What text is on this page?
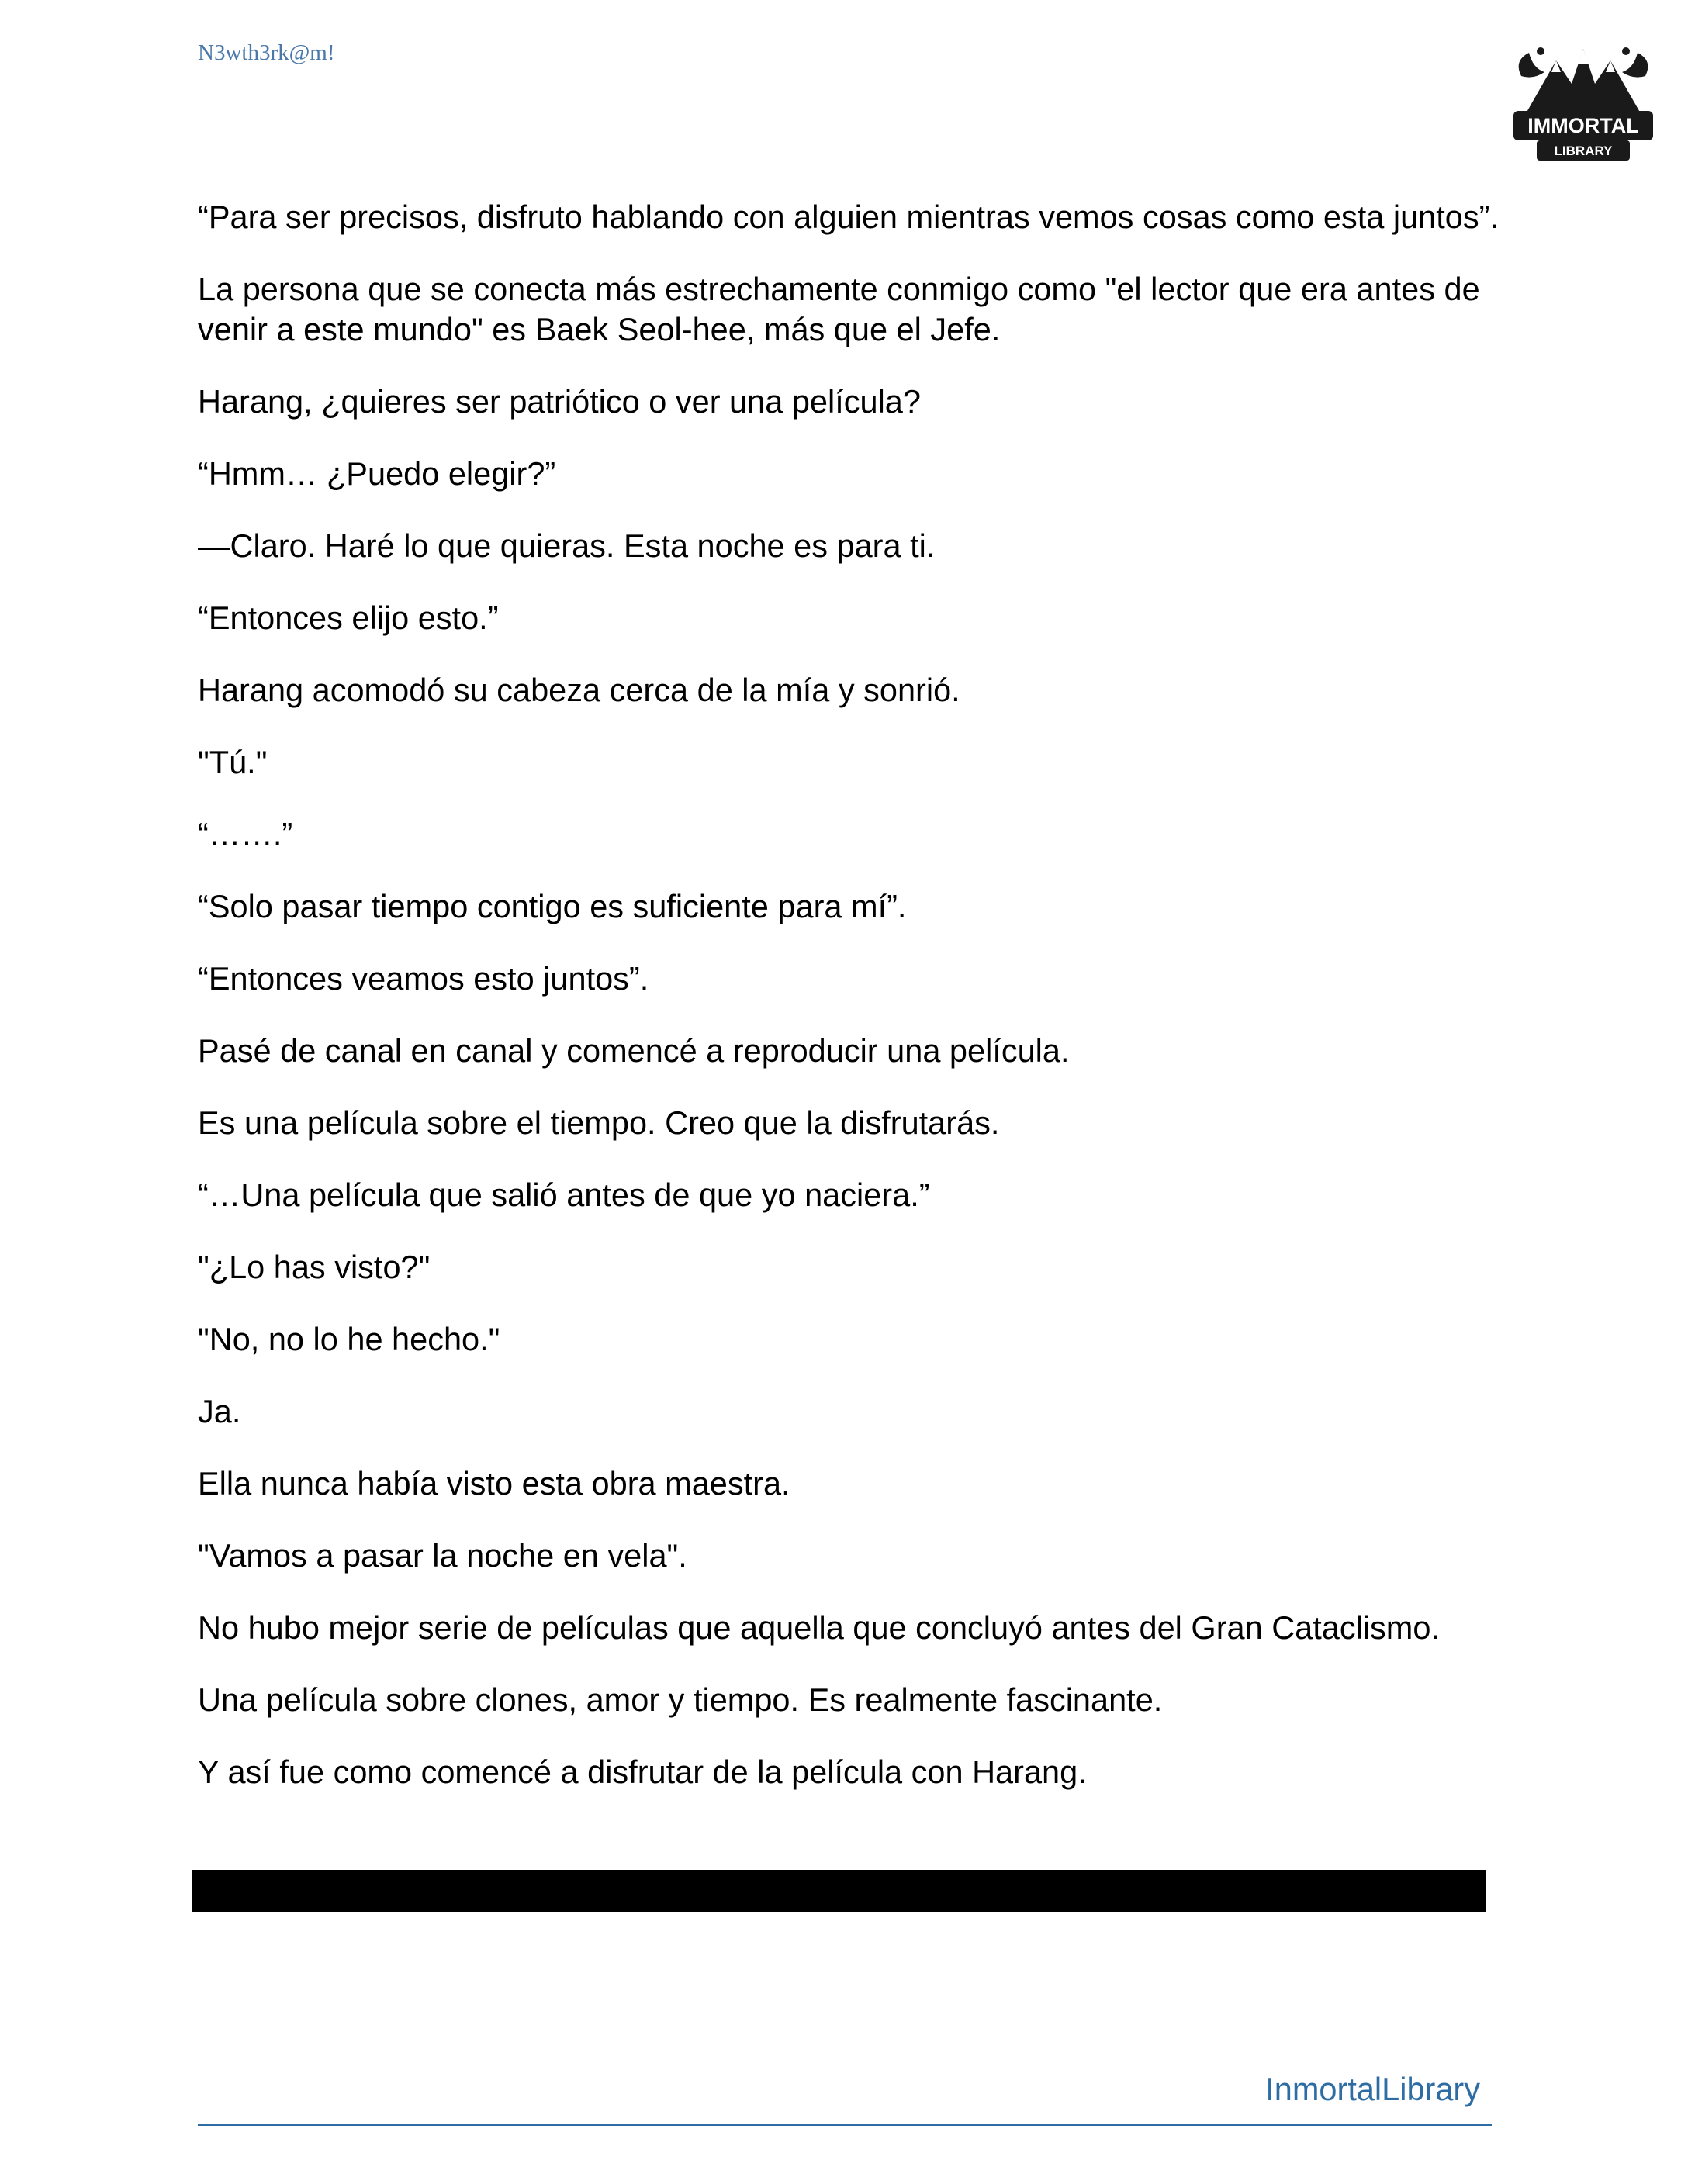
N3wth3rk@m!
IMMORTAL
LIBRARY

“Para ser precisos, disfruto hablando con alguien mientras vemos cosas como esta juntos”.

La persona que se conecta más estrechamente conmigo como "el lector que era antes de venir a este mundo" es Baek Seol-hee, más que el Jefe.

Harang, ¿quieres ser patriótico o ver una película?

“Hmm… ¿Puedo elegir?”

—Claro. Haré lo que quieras. Esta noche es para ti.

“Entonces elijo esto.”

Harang acomodó su cabeza cerca de la mía y sonrió.

"Tú."

“…….”

“Solo pasar tiempo contigo es suficiente para mí”.

“Entonces veamos esto juntos”.

Pasé de canal en canal y comencé a reproducir una película.

Es una película sobre el tiempo. Creo que la disfrutarás.

“…Una película que salió antes de que yo naciera.”

"¿Lo has visto?"

"No, no lo he hecho."

Ja.

Ella nunca había visto esta obra maestra.

"Vamos a pasar la noche en vela".

No hubo mejor serie de películas que aquella que concluyó antes del Gran Cataclismo.

Una película sobre clones, amor y tiempo. Es realmente fascinante.

Y así fue como comencé a disfrutar de la película con Harang.

InmortalLibrary
